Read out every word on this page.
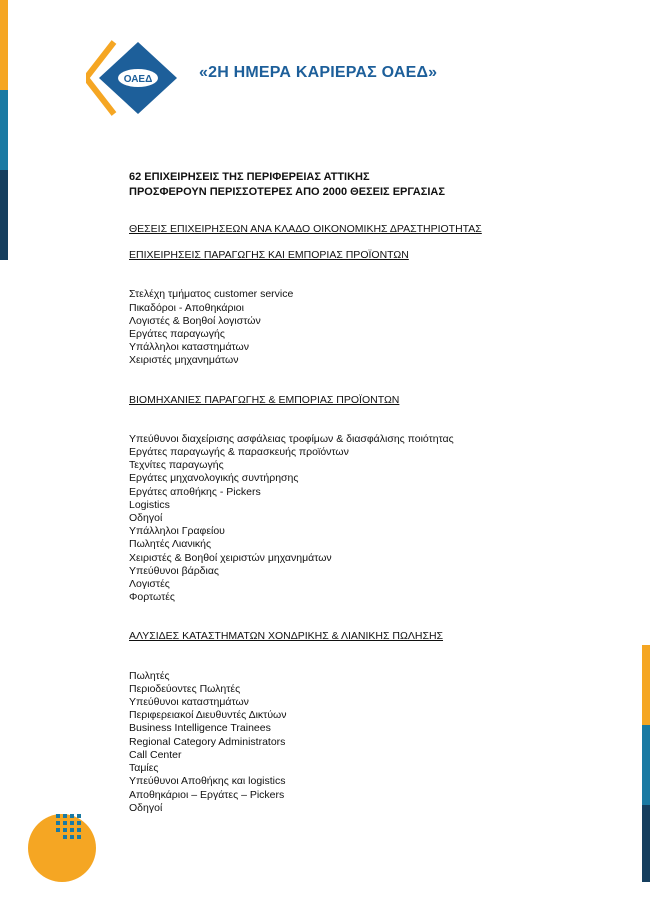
ΟΑΕΔ	«2Η ΗΜΕΡΑ ΚΑΡΙΕΡΑΣ ΟΑΕΔ»
62 ΕΠΙΧΕΙΡΗΣΕΙΣ ΤΗΣ ΠΕΡΙΦΕΡΕΙΑΣ ΑΤΤΙΚΗΣ
ΠΡΟΣΦΕΡΟΥΝ ΠΕΡΙΣΣΟΤΕΡΕΣ ΑΠΟ 2000 ΘΕΣΕΙΣ ΕΡΓΑΣΙΑΣ
ΘΕΣΕΙΣ ΕΠΙΧΕΙΡΗΣΕΩΝ ΑΝΑ ΚΛΑΔΟ ΟΙΚΟΝΟΜΙΚΗΣ ΔΡΑΣΤΗΡΙΟΤΗΤΑΣ
ΕΠΙΧΕΙΡΗΣΕΙΣ ΠΑΡΑΓΩΓΗΣ ΚΑΙ ΕΜΠΟΡΙΑΣ ΠΡΟΪΟΝΤΩΝ
Στελέχη τμήματος customer service
Πικαδόροι - Αποθηκάριοι
Λογιστές & Βοηθοί λογιστών
Εργάτες παραγωγής
Υπάλληλοι καταστημάτων
Χειριστές μηχανημάτων
ΒΙΟΜΗΧΑΝΙΕΣ ΠΑΡΑΓΩΓΗΣ & ΕΜΠΟΡΙΑΣ ΠΡΟΪΟΝΤΩΝ
Υπεύθυνοι διαχείρισης ασφάλειας τροφίμων & διασφάλισης ποιότητας
Εργάτες παραγωγής & παρασκευής προϊόντων
Τεχνίτες παραγωγής
Εργάτες μηχανολογικής συντήρησης
Εργάτες αποθήκης - Pickers
Logistics
Οδηγοί
Υπάλληλοι Γραφείου
Πωλητές Λιανικής
Χειριστές & Βοηθοί χειριστών μηχανημάτων
Υπεύθυνοι βάρδιας
Λογιστές
Φορτωτές
ΑΛΥΣΙΔΕΣ ΚΑΤΑΣΤΗΜΑΤΩΝ ΧΟΝΔΡΙΚΗΣ & ΛΙΑΝΙΚΗΣ ΠΩΛΗΣΗΣ
Πωλητές
Περιοδεύοντες Πωλητές
Υπεύθυνοι καταστημάτων
Περιφερειακοί Διευθυντές Δικτύων
Business Intelligence Trainees
Regional Category Administrators
Call Center
Ταμίες
Υπεύθυνοι Αποθήκης και logistics
Αποθηκάριοι – Εργάτες – Pickers
Οδηγοί
